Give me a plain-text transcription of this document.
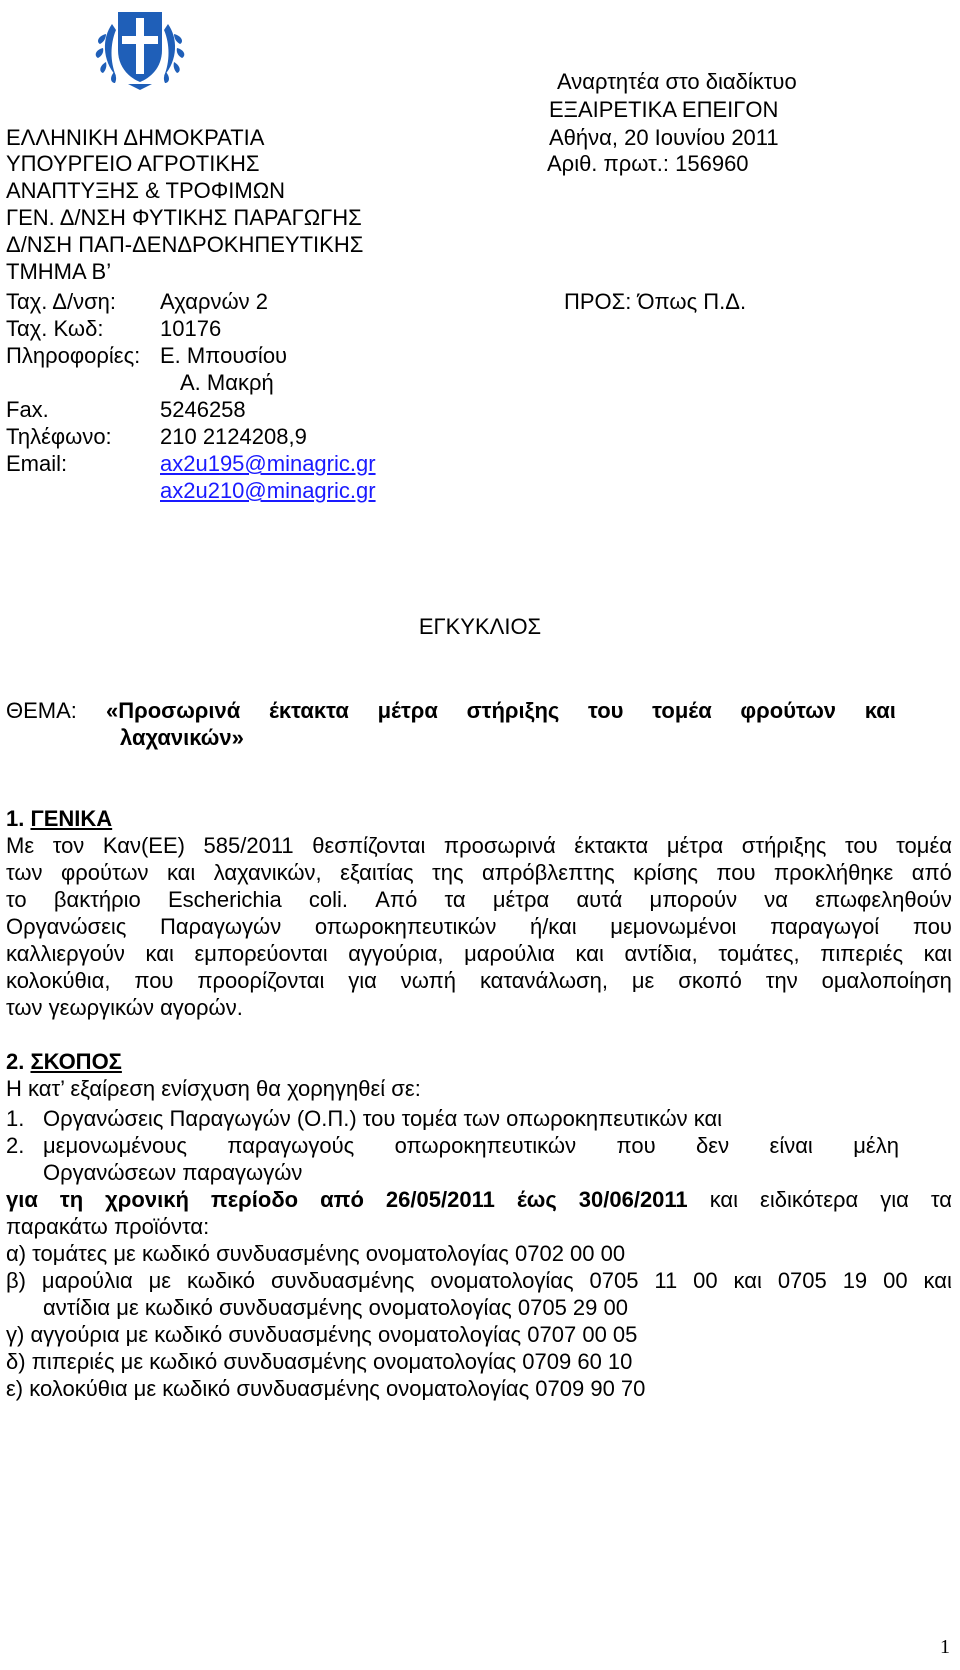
Αναρτητέα στο διαδίκτυο
ΕΞΑΙΡΕΤΙΚΑ ΕΠΕΙΓΟΝ
Αθήνα, 20 Ιουνίου 2011
Αριθ. πρωτ.: 156960
ΠΡΟΣ: Όπως Π.Δ.
ΕΛΛΗΝΙΚΗ ΔΗΜΟΚΡΑΤΙΑ
ΥΠΟΥΡΓΕΙΟ ΑΓΡΟΤΙΚΗΣ
ΑΝΑΠΤΥΞΗΣ & ΤΡΟΦΙΜΩΝ
ΓΕΝ. Δ/ΝΣΗ ΦΥΤΙΚΗΣ ΠΑΡΑΓΩΓΗΣ
Δ/ΝΣΗ ΠΑΠ-ΔΕΝΔΡΟΚΗΠΕΥΤΙΚΗΣ
ΤΜΗΜΑ Β’
Ταχ. Δ/νση: Αχαρνών 2
Ταχ. Κωδ:	10176
Πληροφορίες: Ε. Μπουσίου
Α. Μακρή
Fax.	5246258
Τηλέφωνο: 210 2124208,9
Email:	ax2u195@minagric.gr
ax2u210@minagric.gr
ΕΓΚΥΚΛΙΟΣ
ΘΕΜΑ: «Προσωρινά έκτακτα μέτρα στήριξης του τομέα φρούτων και
λαχανικών»
1. ΓΕΝΙΚΑ
Με τον Καν(ΕΕ) 585/2011 θεσπίζονται προσωρινά έκτακτα μέτρα στήριξης του τομέα
των φρούτων και λαχανικών, εξαιτίας της απρόβλεπτης κρίσης που προκλήθηκε από
το βακτήριο Escherichia coli. Από τα μέτρα αυτά μπορούν να επωφεληθούν
Οργανώσεις Παραγωγών οπωροκηπευτικών ή/και μεμονωμένοι παραγωγοί που
καλλιεργούν και εμπορεύονται αγγούρια, μαρούλια και αντίδια, τομάτες, πιπεριές και
κολοκύθια, που προορίζονται για νωπή κατανάλωση, με σκοπό την ομαλοποίηση
των γεωργικών αγορών.
2. ΣΚΟΠΟΣ
Η κατ’ εξαίρεση ενίσχυση θα χορηγηθεί σε:
1. Οργανώσεις Παραγωγών (Ο.Π.) του τομέα των οπωροκηπευτικών και
2. μεμονωμένους παραγωγούς οπωροκηπευτικών που δεν είναι μέλη
Οργανώσεων παραγωγών
για τη χρονική περίοδο από 26/05/2011 έως 30/06/2011 και ειδικότερα για τα
παρακάτω προϊόντα:
α) τομάτες με κωδικό συνδυασμένης ονοματολογίας 0702 00 00
β) μαρούλια με κωδικό συνδυασμένης ονοματολογίας 0705 11 00 και 0705 19 00 και
αντίδια με κωδικό συνδυασμένης ονοματολογίας 0705 29 00
γ) αγγούρια με κωδικό συνδυασμένης ονοματολογίας 0707 00 05
δ) πιπεριές με κωδικό συνδυασμένης ονοματολογίας 0709 60 10
ε) κολοκύθια με κωδικό συνδυασμένης ονοματολογίας 0709 90 70
1
